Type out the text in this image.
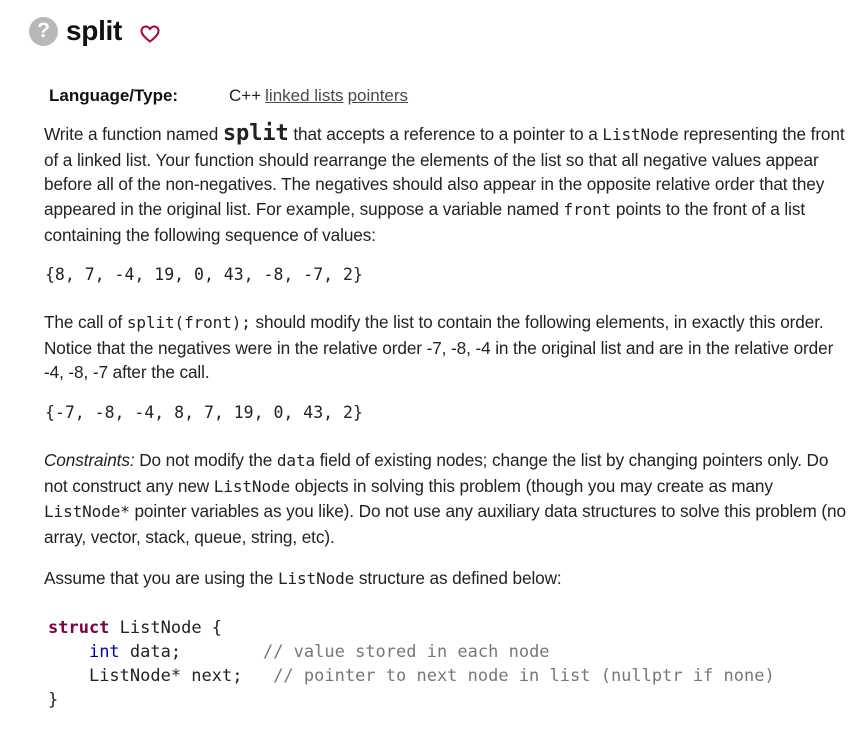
? split
Language/Type:	C++ linked lists pointers

Write a function named split that accepts a reference to a pointer to a ListNode representing the front of a linked list. Your function should rearrange the elements of the list so that all negative values appear before all of the non-negatives. The negatives should also appear in the opposite relative order that they appeared in the original list. For example, suppose a variable named front points to the front of a list containing the following sequence of values:

{8, 7, -4, 19, 0, 43, -8, -7, 2}

The call of split(front); should modify the list to contain the following elements, in exactly this order. Notice that the negatives were in the relative order -7, -8, -4 in the original list and are in the relative order -4, -8, -7 after the call.

{-7, -8, -4, 8, 7, 19, 0, 43, 2}

Constraints: Do not modify the data field of existing nodes; change the list by changing pointers only. Do not construct any new ListNode objects in solving this problem (though you may create as many ListNode* pointer variables as you like). Do not use any auxiliary data structures to solve this problem (no array, vector, stack, queue, string, etc).

Assume that you are using the ListNode structure as defined below:

struct ListNode {
int data;        // value stored in each node
ListNode* next;   // pointer to next node in list (nullptr if none)
}
